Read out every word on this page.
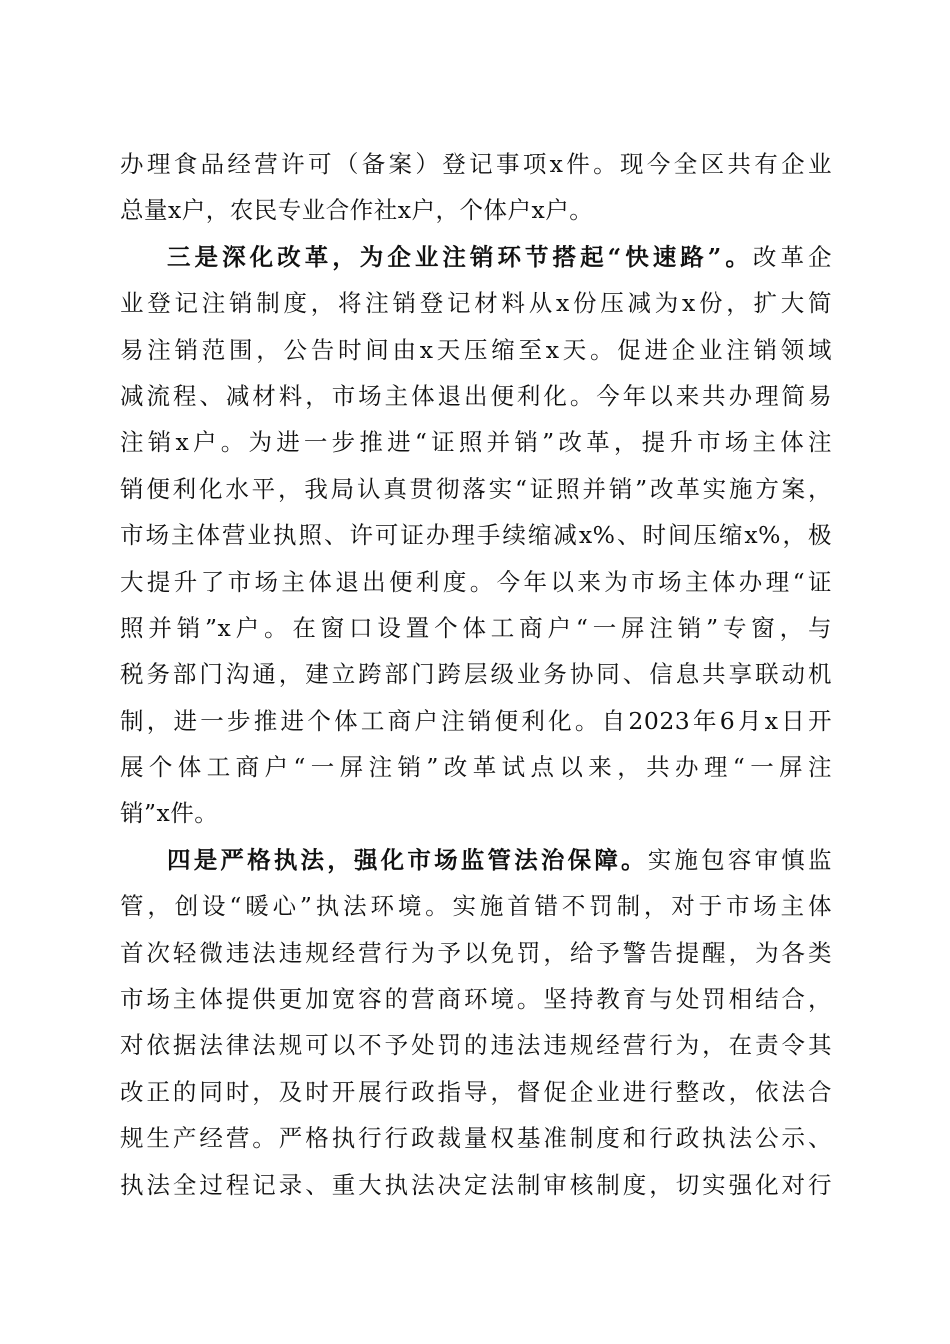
办理食品经营许可（备案）登记事项x件。现今全区共有企业
总量x户，农民专业合作社x户，个体户x户。
三是深化改革，为企业注销环节搭起“快速路”。改革企
业登记注销制度，将注销登记材料从x份压减为x份，扩大简
易注销范围，公告时间由x天压缩至x天。促进企业注销领域
减流程、减材料，市场主体退出便利化。今年以来共办理简易
注销x户。为进一步推进“证照并销”改革，提升市场主体注
销便利化水平，我局认真贯彻落实“证照并销”改革实施方案，
市场主体营业执照、许可证办理手续缩减x%、时间压缩x%，极
大提升了市场主体退出便利度。今年以来为市场主体办理“证
照并销”x户。在窗口设置个体工商户“一屏注销”专窗，与
税务部门沟通，建立跨部门跨层级业务协同、信息共享联动机
制，进一步推进个体工商户注销便利化。自2023年6月x日开
展个体工商户“一屏注销”改革试点以来，共办理“一屏注
销”x件。
四是严格执法，强化市场监管法治保障。实施包容审慎监
管，创设“暖心”执法环境。实施首错不罚制，对于市场主体
首次轻微违法违规经营行为予以免罚，给予警告提醒，为各类
市场主体提供更加宽容的营商环境。坚持教育与处罚相结合，
对依据法律法规可以不予处罚的违法违规经营行为，在责令其
改正的同时，及时开展行政指导，督促企业进行整改，依法合
规生产经营。严格执行行政裁量权基准制度和行政执法公示、
执法全过程记录、重大执法决定法制审核制度，切实强化对行
